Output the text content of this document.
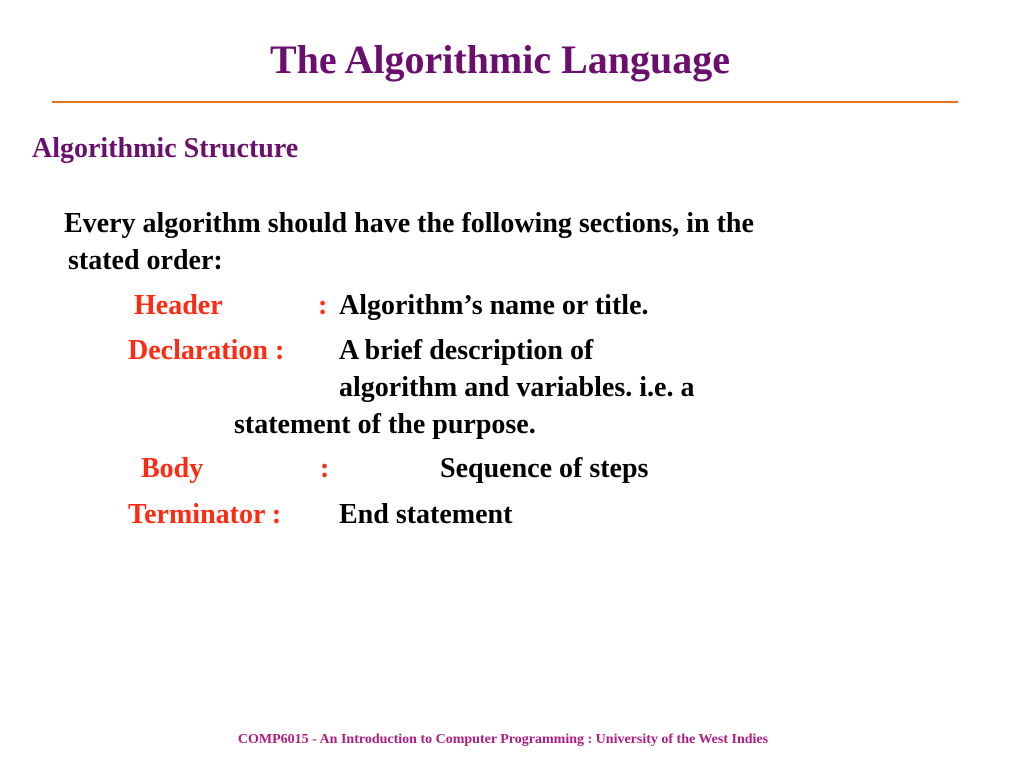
The Algorithmic Language
Algorithmic Structure
Every algorithm should have the following sections, in the
stated order:
Header	: Algorithm’s name or title.
Declaration : A brief description of
algorithm and variables. i.e. a
statement of the purpose.
Body	:	Sequence of steps
Terminator : End statement
COMP6015 - An Introduction to Computer Programming : University of the West Indies
